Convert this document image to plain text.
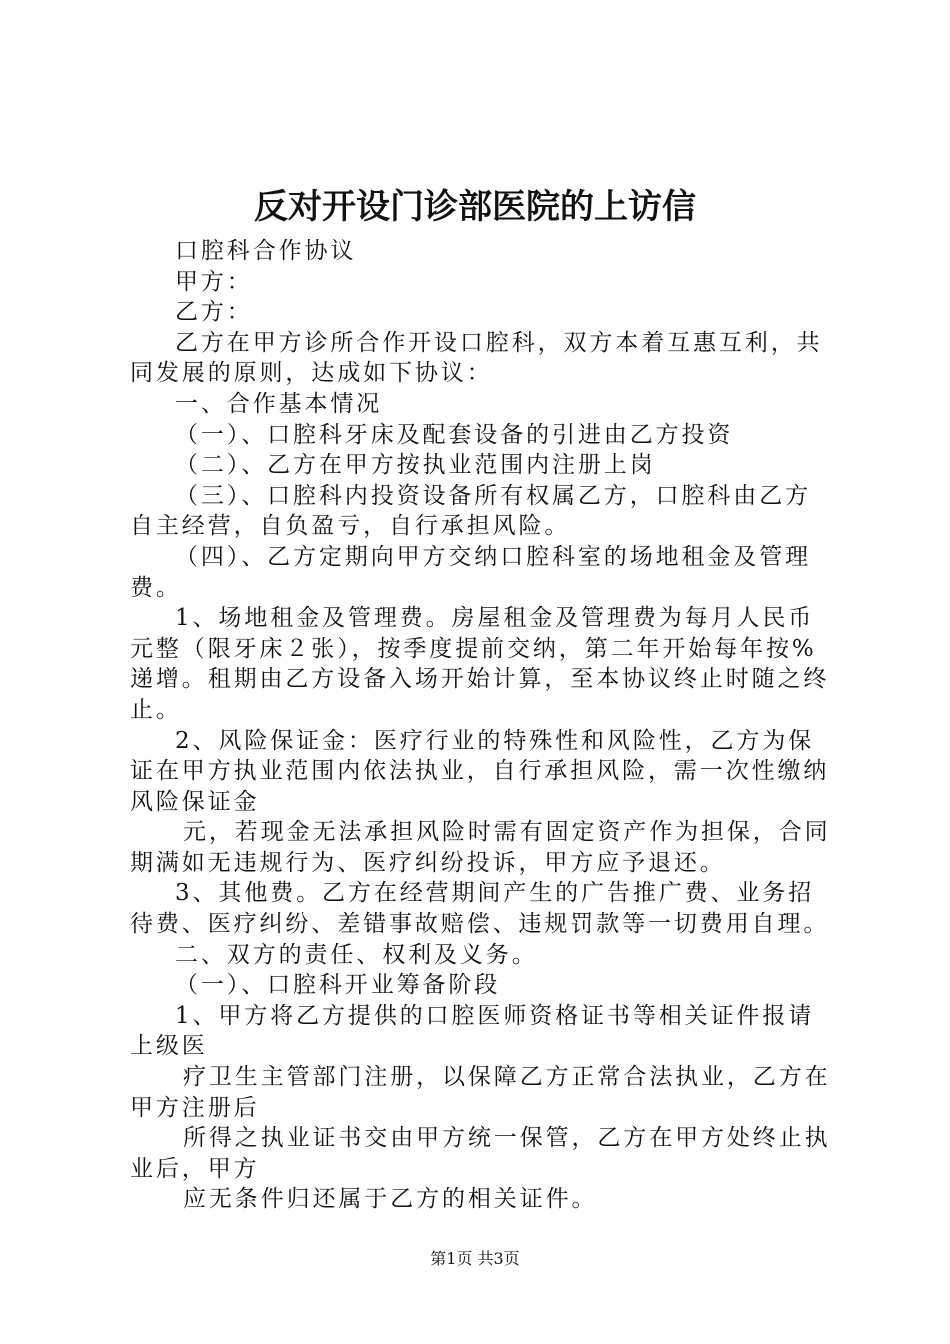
反对开设门诊部医院的上访信

口腔科合作协议

甲方：

乙方：

乙方在甲方诊所合作开设口腔科，双方本着互惠互利，共同发展的原则，达成如下协议：

一、合作基本情况

（一）、口腔科牙床及配套设备的引进由乙方投资

（二）、乙方在甲方按执业范围内注册上岗

（三）、口腔科内投资设备所有权属乙方，口腔科由乙方自主经营，自负盈亏，自行承担风险。

（四）、乙方定期向甲方交纳口腔科室的场地租金及管理费。

1、场地租金及管理费。房屋租金及管理费为每月人民币元整（限牙床２张），按季度提前交纳，第二年开始每年按%递增。租期由乙方设备入场开始计算，至本协议终止时随之终止。

2、风险保证金：医疗行业的特殊性和风险性，乙方为保证在甲方执业范围内依法执业，自行承担风险，需一次性缴纳风险保证金

元，若现金无法承担风险时需有固定资产作为担保，合同期满如无违规行为、医疗纠纷投诉，甲方应予退还。

3、其他费。乙方在经营期间产生的广告推广费、业务招待费、医疗纠纷、差错事故赔偿、违规罚款等一切费用自理。

二、双方的责任、权利及义务。

（一）、口腔科开业筹备阶段

1、甲方将乙方提供的口腔医师资格证书等相关证件报请上级医

疗卫生主管部门注册，以保障乙方正常合法执业，乙方在甲方注册后

所得之执业证书交由甲方统一保管，乙方在甲方处终止执业后，甲方

应无条件归还属于乙方的相关证件。

第1页 共3页
